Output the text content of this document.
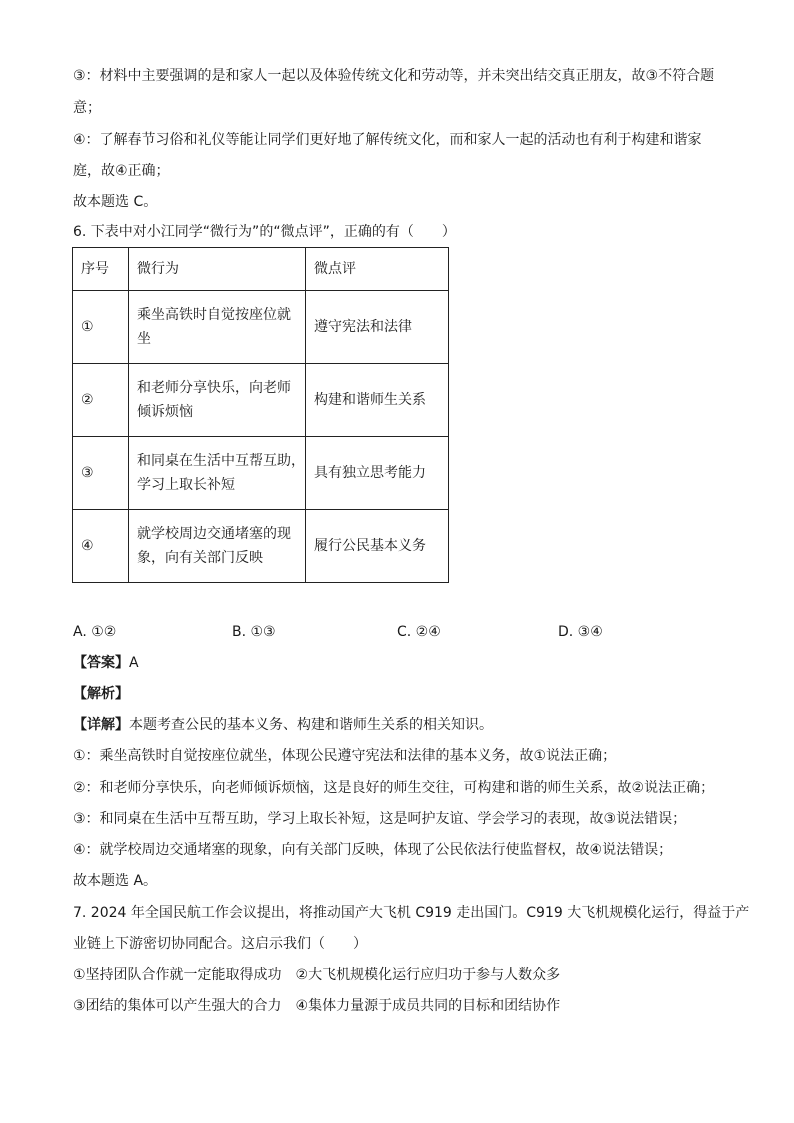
③：材料中主要强调的是和家人一起以及体验传统文化和劳动等，并未突出结交真正朋友，故③不符合题
意；
④：了解春节习俗和礼仪等能让同学们更好地了解传统文化，而和家人一起的活动也有利于构建和谐家
庭，故④正确；
故本题选 C。
6. 下表中对小江同学“微行为”的“微点评”，正确的有（　　）
序号	微行为	微点评
①	乘坐高铁时自觉按座位就
坐	遵守宪法和法律
②	和老师分享快乐，向老师
倾诉烦恼	构建和谐师生关系
③	和同桌在生活中互帮互助，
学习上取长补短	具有独立思考能力
④	就学校周边交通堵塞的现
象，向有关部门反映	履行公民基本义务
A. ①②	B. ①③	C. ②④	D. ③④
【答案】A
【解析】
【详解】本题考查公民的基本义务、构建和谐师生关系的相关知识。
①：乘坐高铁时自觉按座位就坐，体现公民遵守宪法和法律的基本义务，故①说法正确；
②：和老师分享快乐，向老师倾诉烦恼，这是良好的师生交往，可构建和谐的师生关系，故②说法正确；
③：和同桌在生活中互帮互助，学习上取长补短，这是呵护友谊、学会学习的表现，故③说法错误；
④：就学校周边交通堵塞的现象，向有关部门反映，体现了公民依法行使监督权，故④说法错误；
故本题选 A。
7. 2024 年全国民航工作会议提出，将推动国产大飞机 C919 走出国门。C919 大飞机规模化运行，得益于产
业链上下游密切协同配合。这启示我们（　　）
①坚持团队合作就一定能取得成功　②大飞机规模化运行应归功于参与人数众多
③团结的集体可以产生强大的合力　④集体力量源于成员共同的目标和团结协作
